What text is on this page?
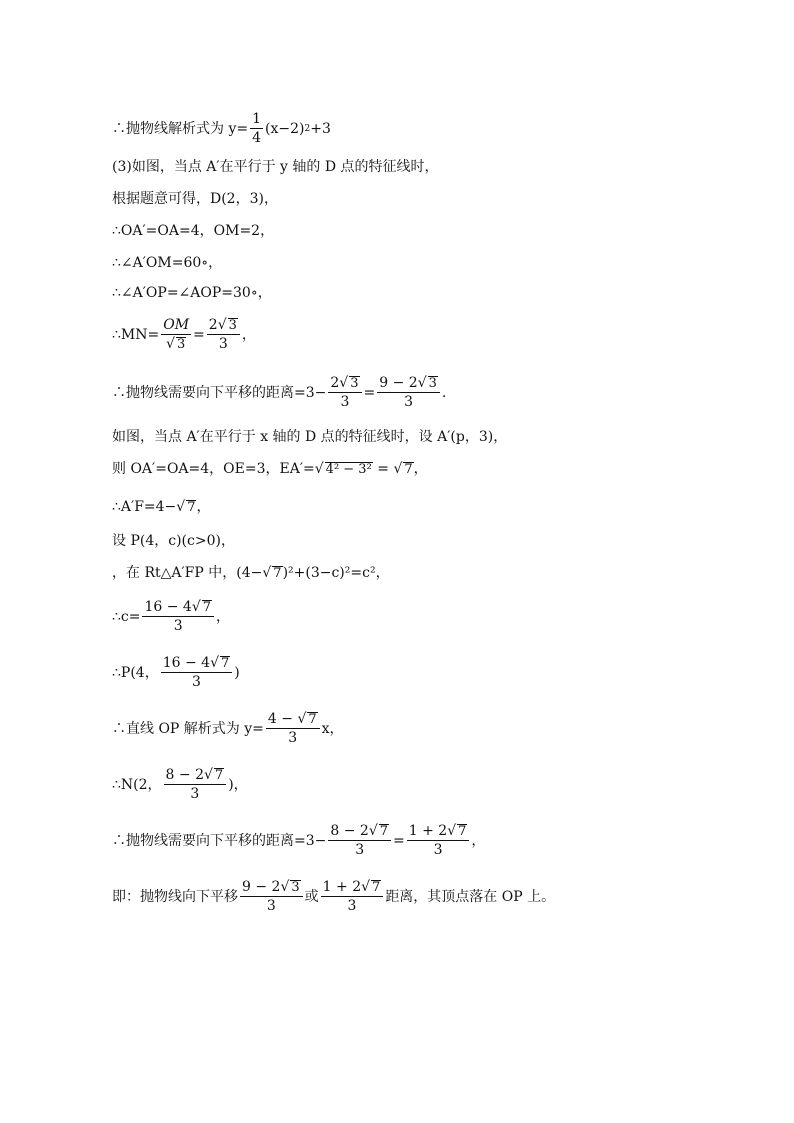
∴抛物线解析式为 $y= \frac{1}{4} (x-2)$ 2 +3
(3)如图，当点 A′在平行于 y 轴的 D 点的特征线时，
根据题意可得，D(2，3)，
∴OA′=OA=4，OM=2，
∴∠A′OM=60∘，
∴∠A′OP=∠AOP=30∘，
∴MN= $\frac{OM}{√ 3} = \frac{2√ 3}{3}$ ，
∴抛物线需要向下平移的距离$=3- \frac{2√ 3}{3} = \frac{9 - 2√ 3}{3}$ .
如图，当点 A′在平行于 x 轴的 D 点的特征线时，设 A′(p，3)，
则 OA′=OA=4，OE=3，EA′= √ 4² − 3² = √ 7 ，
∴A′F=4− √ 7 ，
设 P(4，c)(c>0)，
，在 Rt△A′FP 中，(4− √ 7 )²+(3−c)²=c²，
∴c= $\frac{16 - 4√ 7}{3}$ ，
∴P(4， $\frac{16 - 4√ 7}{3}$ )
∴直线 OP 解析式为 $y= \frac{4 - √ 7}{3}$ x，
∴N(2， $\frac{8 - 2√ 7}{3}$ )，
∴抛物线需要向下平移的距离$=3- \frac{8 - 2√ 7}{3} = \frac{1 + 2√ 7}{3}$ ，
即：抛物线向下平移 $\frac{9 - 2√ 3}{3}$ 或 $\frac{1 + 2√ 7}{3}$ 距离，其顶点落在 OP 上。
